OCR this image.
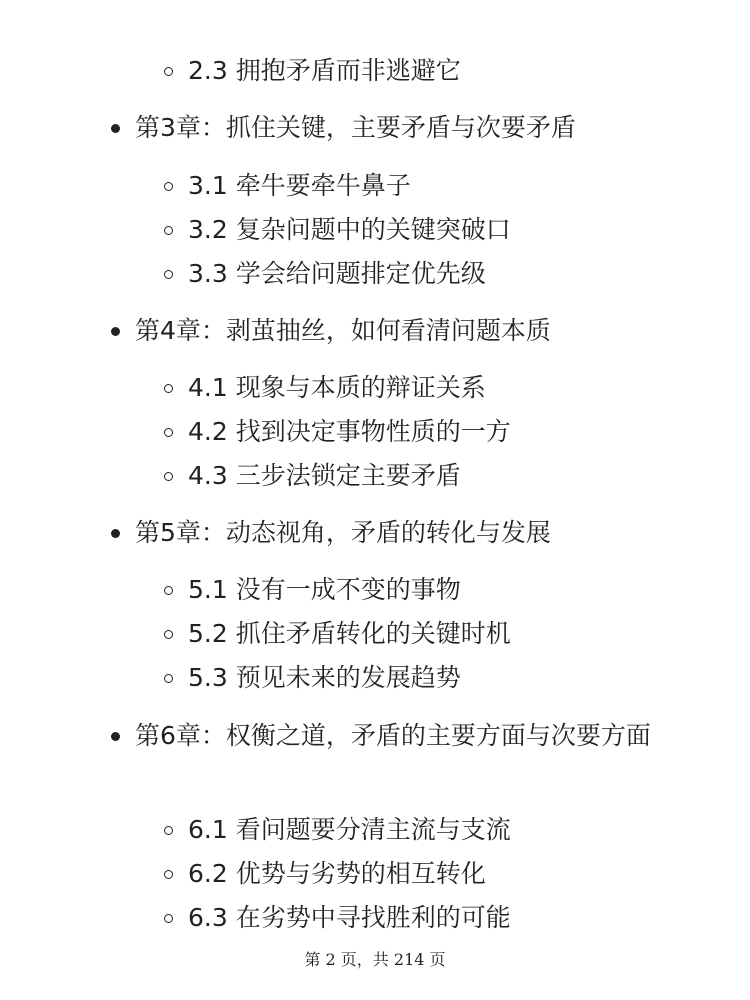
2.3 拥抱矛盾而非逃避它
第3章：抓住关键，主要矛盾与次要矛盾
3.1 牵牛要牵牛鼻子
3.2 复杂问题中的关键突破口
3.3 学会给问题排定优先级
第4章：剥茧抽丝，如何看清问题本质
4.1 现象与本质的辩证关系
4.2 找到决定事物性质的一方
4.3 三步法锁定主要矛盾
第5章：动态视角，矛盾的转化与发展
5.1 没有一成不变的事物
5.2 抓住矛盾转化的关键时机
5.3 预见未来的发展趋势
第6章：权衡之道，矛盾的主要方面与次要方面
6.1 看问题要分清主流与支流
6.2 优势与劣势的相互转化
6.3 在劣势中寻找胜利的可能
第 2 页，共 214 页
